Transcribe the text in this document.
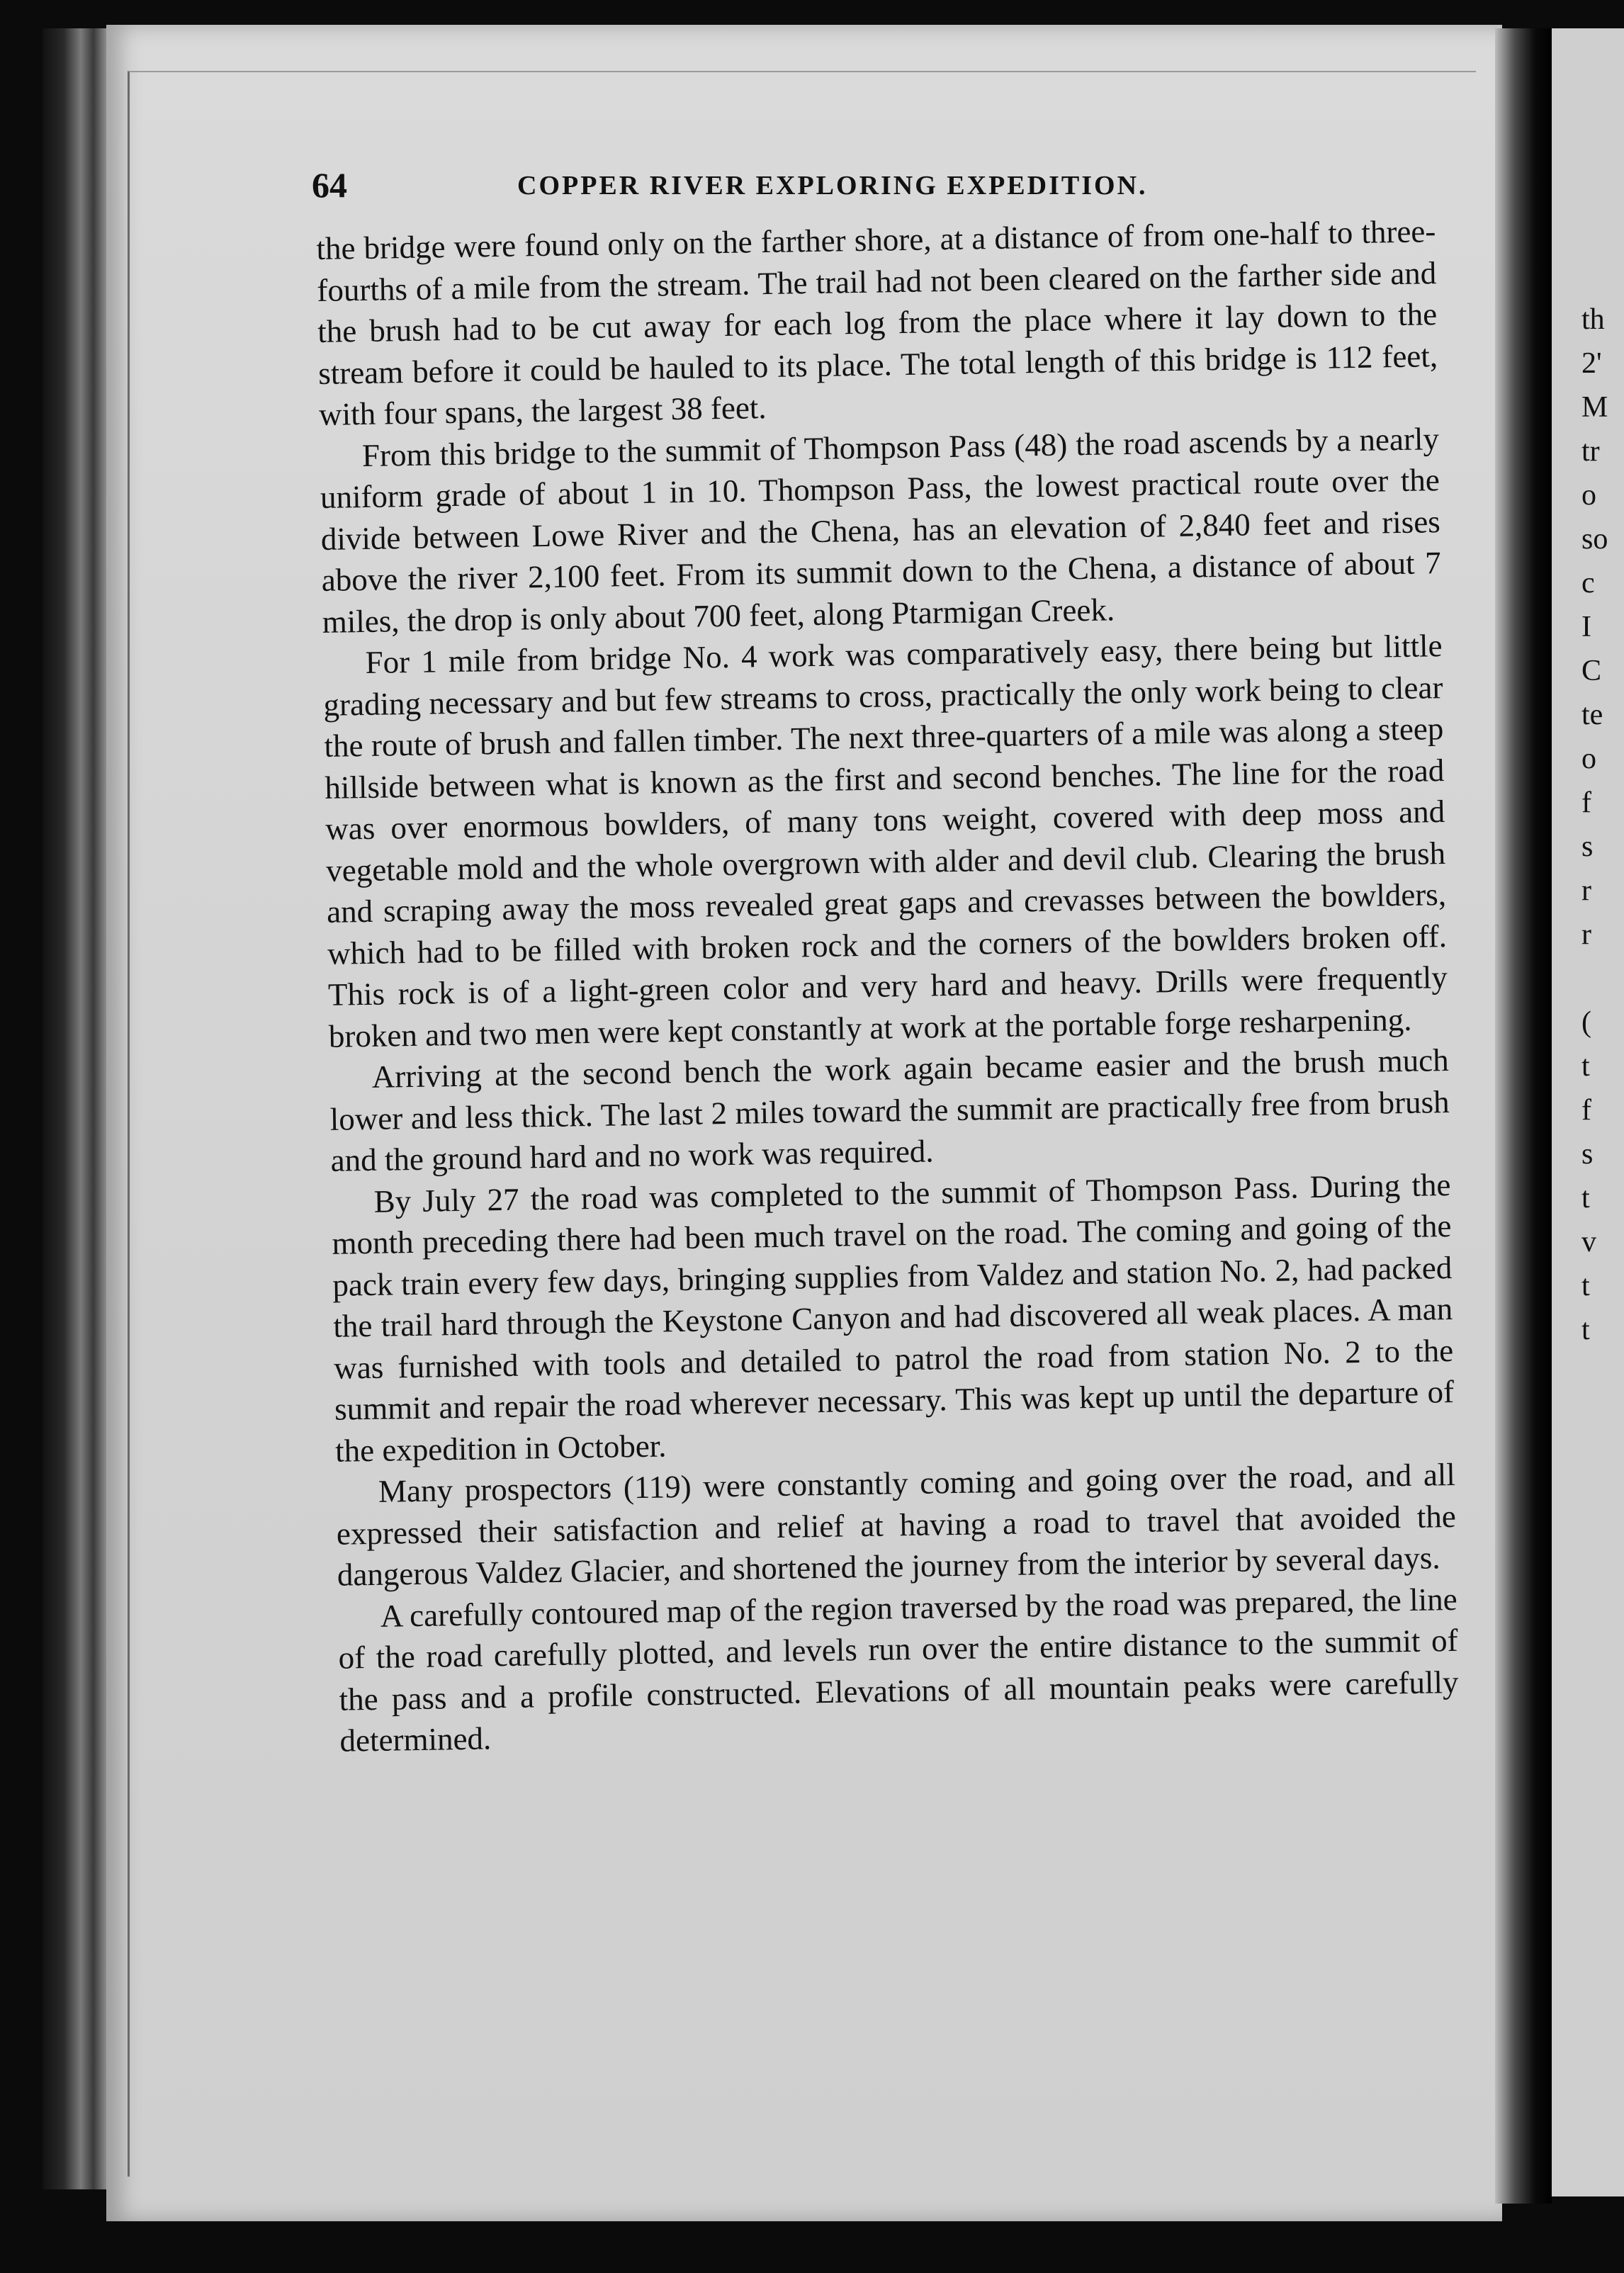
th
2'
M
tr
o
so
c
I
C
te
o
f
s
r
r

(
t
f
s
t
v
t
t
64	COPPER RIVER EXPLORING EXPEDITION.

the bridge were found only on the farther shore, at a distance of from one-half to three-fourths of a mile from the stream. The trail had not been cleared on the farther side and the brush had to be cut away for each log from the place where it lay down to the stream before it could be hauled to its place. The total length of this bridge is 112 feet, with four spans, the largest 38 feet.

From this bridge to the summit of Thompson Pass (48) the road ascends by a nearly uniform grade of about 1 in 10. Thompson Pass, the lowest practical route over the divide between Lowe River and the Chena, has an elevation of 2,840 feet and rises above the river 2,100 feet. From its summit down to the Chena, a distance of about 7 miles, the drop is only about 700 feet, along Ptarmigan Creek.

For 1 mile from bridge No. 4 work was comparatively easy, there being but little grading necessary and but few streams to cross, practically the only work being to clear the route of brush and fallen timber. The next three-quarters of a mile was along a steep hillside between what is known as the first and second benches. The line for the road was over enormous bowlders, of many tons weight, covered with deep moss and vegetable mold and the whole overgrown with alder and devil club. Clearing the brush and scraping away the moss revealed great gaps and crevasses between the bowlders, which had to be filled with broken rock and the corners of the bowlders broken off. This rock is of a light-green color and very hard and heavy. Drills were frequently broken and two men were kept constantly at work at the portable forge resharpening.

Arriving at the second bench the work again became easier and the brush much lower and less thick. The last 2 miles toward the summit are practically free from brush and the ground hard and no work was required.

By July 27 the road was completed to the summit of Thompson Pass. During the month preceding there had been much travel on the road. The coming and going of the pack train every few days, bringing supplies from Valdez and station No. 2, had packed the trail hard through the Keystone Canyon and had discovered all weak places. A man was furnished with tools and detailed to patrol the road from station No. 2 to the summit and repair the road wherever necessary. This was kept up until the departure of the expedition in October.

Many prospectors (119) were constantly coming and going over the road, and all expressed their satisfaction and relief at having a road to travel that avoided the dangerous Valdez Glacier, and shortened the journey from the interior by several days.

A carefully contoured map of the region traversed by the road was prepared, the line of the road carefully plotted, and levels run over the entire distance to the summit of the pass and a profile constructed. Elevations of all mountain peaks were carefully determined.
